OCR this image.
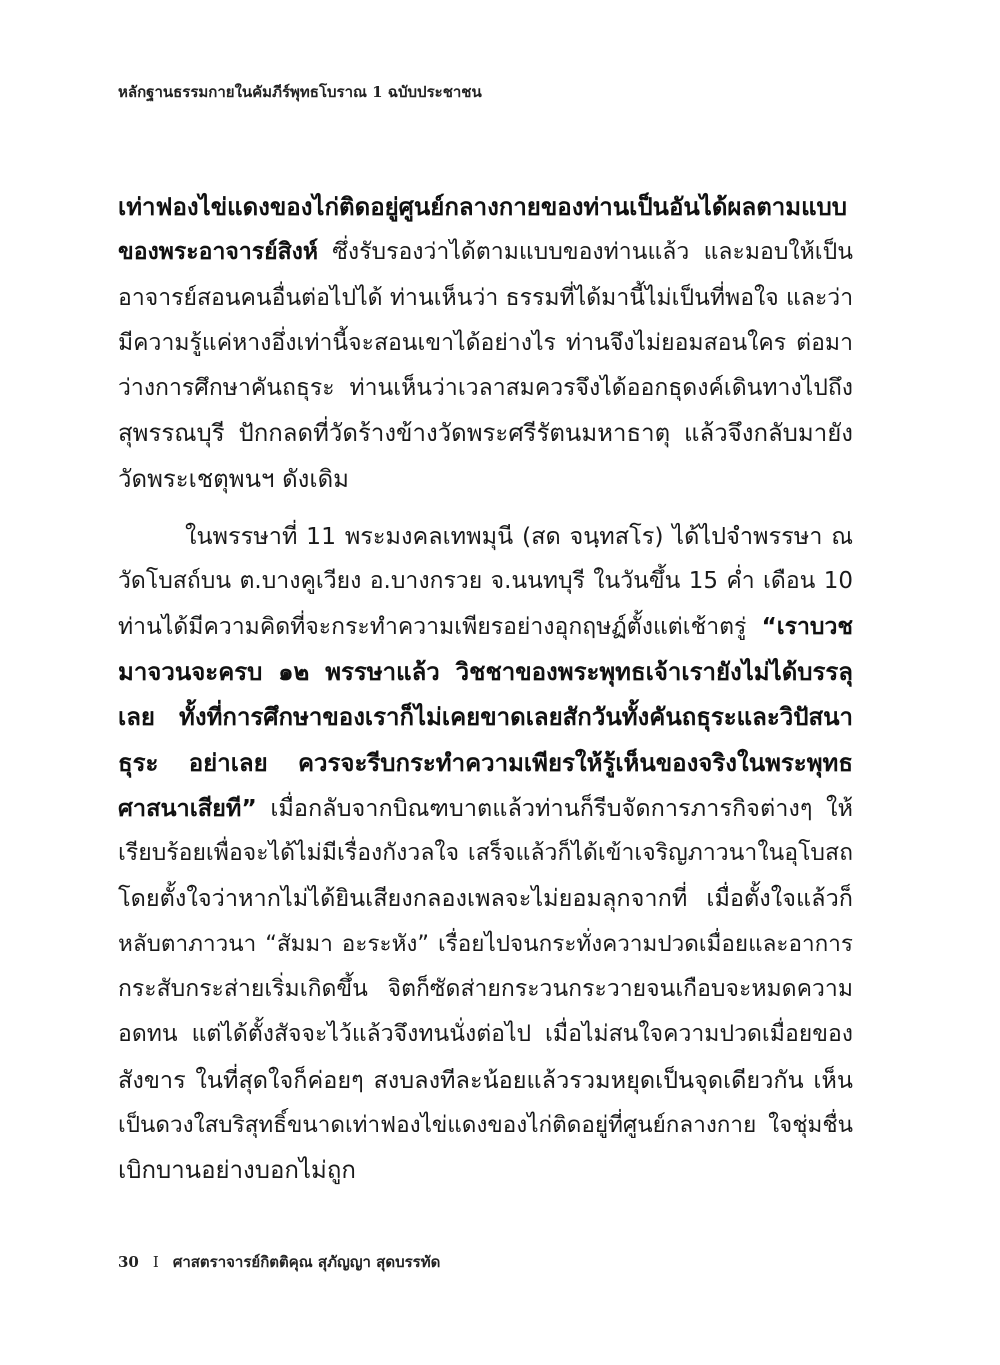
หลักฐานธรรมกายในคัมภีร์พุทธโบราณ 1 ฉบับประชาชน
เท่าฟองไข่แดงของไก่ติดอยู่ศูนย์กลางกายของท่านเป็นอันได้ผลตามแบบ
ของพระอาจารย์สิงห์ ซึ่งรับรองว่าได้ตามแบบของท่านแล้ว และมอบให้เป็น
อาจารย์สอนคนอื่นต่อไปได้ ท่านเห็นว่า ธรรมที่ได้มานี้ไม่เป็นที่พอใจ และว่า
มีความรู้แค่หางอึ่งเท่านี้จะสอนเขาได้อย่างไร ท่านจึงไม่ยอมสอนใคร ต่อมา
ว่างการศึกษาคันถธุระ ท่านเห็นว่าเวลาสมควรจึงได้ออกธุดงค์เดินทางไปถึง
สุพรรณบุรี ปักกลดที่วัดร้างข้างวัดพระศรีรัตนมหาธาตุ แล้วจึงกลับมายัง
วัดพระเชตุพนฯ ดังเดิม
ในพรรษาที่ 11 พระมงคลเทพมุนี (สด จนฺทสโร) ได้ไปจำพรรษา ณ
วัดโบสถ์บน ต.บางคูเวียง อ.บางกรวย จ.นนทบุรี ในวันขึ้น 15 ค่ำ เดือน 10
ท่านได้มีความคิดที่จะกระทำความเพียรอย่างอุกฤษฏ์ตั้งแต่เช้าตรู่ “เราบวช
มาจวนจะครบ ๑๒ พรรษาแล้ว วิชชาของพระพุทธเจ้าเรายังไม่ได้บรรลุ
เลย ทั้งที่การศึกษาของเราก็ไม่เคยขาดเลยสักวันทั้งคันถธุระและวิปัสนา
ธุระ อย่าเลย ควรจะรีบกระทำความเพียรให้รู้เห็นของจริงในพระพุทธ
ศาสนาเสียที” เมื่อกลับจากบิณฑบาตแล้วท่านก็รีบจัดการภารกิจต่างๆ ให้
เรียบร้อยเพื่อจะได้ไม่มีเรื่องกังวลใจ เสร็จแล้วก็ได้เข้าเจริญภาวนาในอุโบสถ
โดยตั้งใจว่าหากไม่ได้ยินเสียงกลองเพลจะไม่ยอมลุกจากที่ เมื่อตั้งใจแล้วก็
หลับตาภาวนา “สัมมา อะระหัง” เรื่อยไปจนกระทั่งความปวดเมื่อยและอาการ
กระสับกระส่ายเริ่มเกิดขึ้น จิตก็ซัดส่ายกระวนกระวายจนเกือบจะหมดความ
อดทน แต่ได้ตั้งสัจจะไว้แล้วจึงทนนั่งต่อไป เมื่อไม่สนใจความปวดเมื่อยของ
สังขาร ในที่สุดใจก็ค่อยๆ สงบลงทีละน้อยแล้วรวมหยุดเป็นจุดเดียวกัน เห็น
เป็นดวงใสบริสุทธิ์ขนาดเท่าฟองไข่แดงของไก่ติดอยู่ที่ศูนย์กลางกาย ใจชุ่มชื่น
เบิกบานอย่างบอกไม่ถูก
30 I ศาสตราจารย์กิตติคุณ สุภัญญา สุดบรรทัด
